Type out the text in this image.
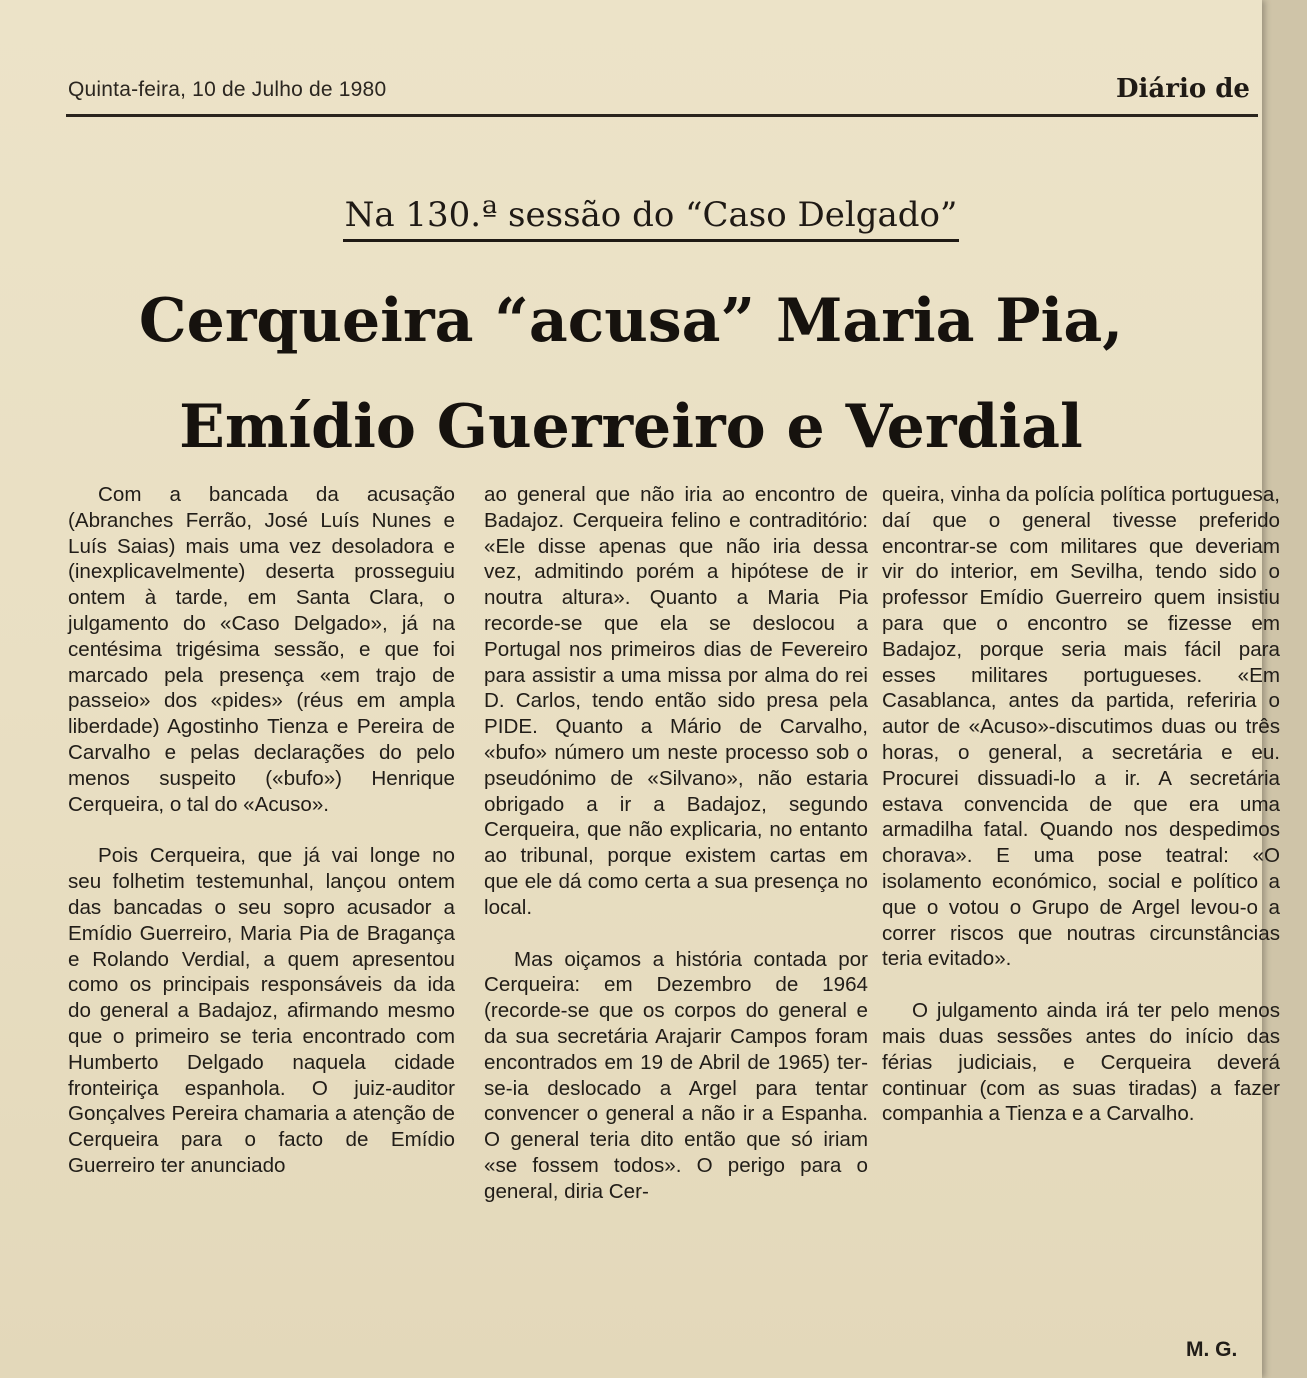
Quinta-feira, 10 de Julho de 1980	Diário de
Na 130.ª sessão do “Caso Delgado”
Cerqueira “acusa” Maria Pia,
Emídio Guerreiro e Verdial

Com a bancada da acusação (Abranches Ferrão, José Luís Nunes e Luís Saias) mais uma vez desoladora e (inexplicavelmente) deserta prosseguiu ontem à tarde, em Santa Clara, o julgamento do «Caso Delgado», já na centésima trigésima sessão, e que foi marcado pela presença «em trajo de passeio» dos «pides» (réus em ampla liberdade) Agostinho Tienza e Pereira de Carvalho e pelas declarações do pelo menos suspeito («bufo») Henrique Cerqueira, o tal do «Acuso».

Pois Cerqueira, que já vai longe no seu folhetim testemunhal, lançou ontem das bancadas o seu sopro acusador a Emídio Guerreiro, Maria Pia de Bragança e Rolando Verdial, a quem apresentou como os principais responsáveis da ida do general a Badajoz, afirmando mesmo que o primeiro se teria encontrado com Humberto Delgado naquela cidade fronteiriça espanhola. O juiz-auditor Gonçalves Pereira chamaria a atenção de Cerqueira para o facto de Emídio Guerreiro ter anunciado

ao general que não iria ao encontro de Badajoz. Cerqueira felino e contraditório: «Ele disse apenas que não iria dessa vez, admitindo porém a hipótese de ir noutra altura». Quanto a Maria Pia recorde-se que ela se deslocou a Portugal nos primeiros dias de Fevereiro para assistir a uma missa por alma do rei D. Carlos, tendo então sido presa pela PIDE. Quanto a Mário de Carvalho, «bufo» número um neste processo sob o pseudónimo de «Silvano», não estaria obrigado a ir a Badajoz, segundo Cerqueira, que não explicaria, no entanto ao tribunal, porque existem cartas em que ele dá como certa a sua presença no local.

Mas oiçamos a história contada por Cerqueira: em Dezembro de 1964 (recorde-se que os corpos do general e da sua secretária Arajarir Campos foram encontrados em 19 de Abril de 1965) ter-se-ia deslocado a Argel para tentar convencer o general a não ir a Espanha. O general teria dito então que só iriam «se fossem todos». O perigo para o general, diria Cer-

queira, vinha da polícia política portuguesa, daí que o general tivesse preferido encontrar-se com militares que deveriam vir do interior, em Sevilha, tendo sido o professor Emídio Guerreiro quem insistiu para que o encontro se fizesse em Badajoz, porque seria mais fácil para esses militares portugueses. «Em Casablanca, antes da partida, referiria o autor de «Acuso»-discutimos duas ou três horas, o general, a secretária e eu. Procurei dissuadi-lo a ir. A secretária estava convencida de que era uma armadilha fatal. Quando nos despedimos chorava». E uma pose teatral: «O isolamento económico, social e político a que o votou o Grupo de Argel levou-o a correr riscos que noutras circunstâncias teria evitado».

O julgamento ainda irá ter pelo menos mais duas sessões antes do início das férias judiciais, e Cerqueira deverá continuar (com as suas tiradas) a fazer companhia a Tienza e a Carvalho.

M. G.
